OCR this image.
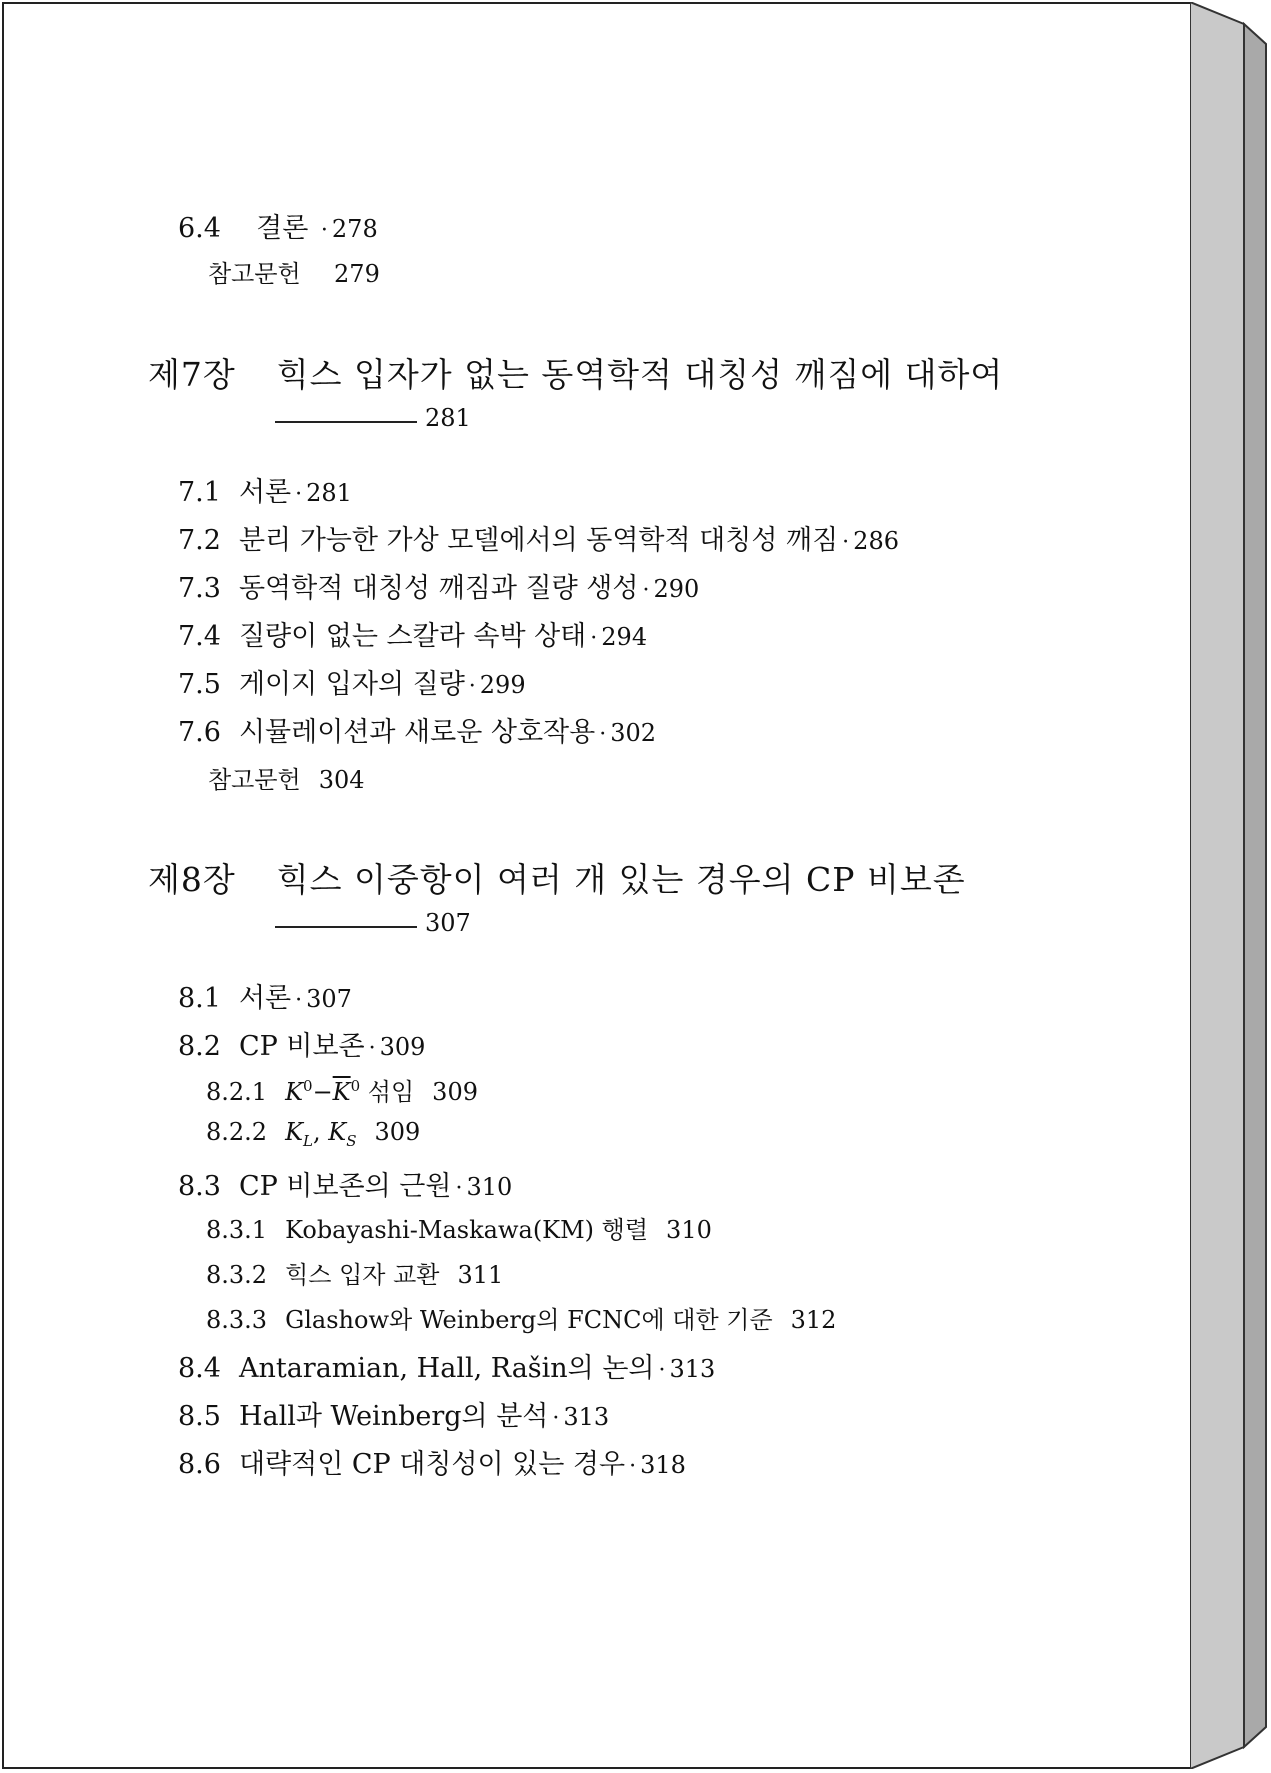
6.4 결론 · 278
참고문헌 279
제7장 힉스 입자가 없는 동역학적 대칭성 깨짐에 대하여
281
7.1 서론 · 281
7.2 분리 가능한 가상 모델에서의 동역학적 대칭성 깨짐 · 286
7.3 동역학적 대칭성 깨짐과 질량 생성 · 290
7.4 질량이 없는 스칼라 속박 상태 · 294
7.5 게이지 입자의 질량 · 299
7.6 시뮬레이션과 새로운 상호작용 · 302
참고문헌 304
제8장 힉스 이중항이 여러 개 있는 경우의 CP 비보존
307
8.1 서론 · 307
8.2 CP 비보존 · 309
8.2.1 $K^0-\overline{K}^0$ 섞임 309
8.2.2 $K_L$, $K_S$ 309
8.3 CP 비보존의 근원 · 310
8.3.1 Kobayashi-Maskawa(KM) 행렬 310
8.3.2 힉스 입자 교환 311
8.3.3 Glashow와 Weinberg의 FCNC에 대한 기준 312
8.4 Antaramian, Hall, Rašin의 논의 · 313
8.5 Hall과 Weinberg의 분석 · 313
8.6 대략적인 CP 대칭성이 있는 경우 · 318
